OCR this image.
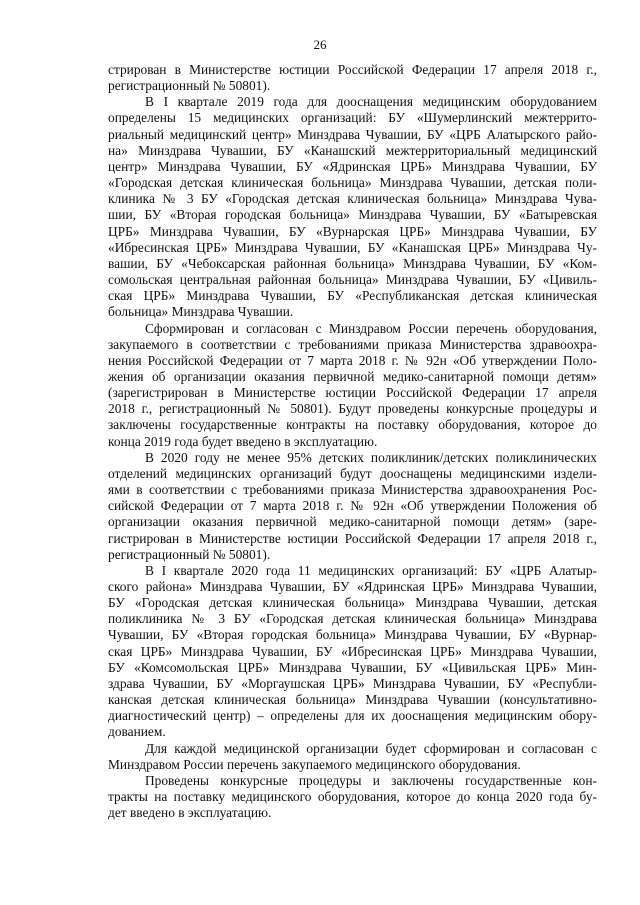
26
стрирован в Министерстве юстиции Российской Федерации 17 апреля 2018 г.,
регистрационный № 50801).
В I квартале 2019 года для дооснащения медицинским оборудованием
определены 15 медицинских организаций: БУ «Шумерлинский межтеррито-
риальный медицинский центр» Минздрава Чувашии, БУ «ЦРБ Алатырского райо-
на» Минздрава Чувашии, БУ «Канашский межтерриториальный медицинский
центр» Минздрава Чувашии, БУ «Ядринская ЦРБ» Минздрава Чувашии, БУ
«Городская детская клиническая больница» Минздрава Чувашии, детская поли-
клиника № 3 БУ «Городская детская клиническая больница» Минздрава Чува-
шии, БУ «Вторая городская больница» Минздрава Чувашии, БУ «Батыревская
ЦРБ» Минздрава Чувашии, БУ «Вурнарская ЦРБ» Минздрава Чувашии, БУ
«Ибресинская ЦРБ» Минздрава Чувашии, БУ «Канашская ЦРБ» Минздрава Чу-
вашии, БУ «Чебоксарская районная больница» Минздрава Чувашии, БУ «Ком-
сомольская центральная районная больница» Минздрава Чувашии, БУ «Цивиль-
ская ЦРБ» Минздрава Чувашии, БУ «Республиканская детская клиническая
больница» Минздрава Чувашии.
Сформирован и согласован с Минздравом России перечень оборудования,
закупаемого в соответствии с требованиями приказа Министерства здравоохра-
нения Российской Федерации от 7 марта 2018 г. № 92н «Об утверждении Поло-
жения об организации оказания первичной медико-санитарной помощи детям»
(зарегистрирован в Министерстве юстиции Российской Федерации 17 апреля
2018 г., регистрационный № 50801). Будут проведены конкурсные процедуры и
заключены государственные контракты на поставку оборудования, которое до
конца 2019 года будет введено в эксплуатацию.
В 2020 году не менее 95% детских поликлиник/детских поликлинических
отделений медицинских организаций будут дооснащены медицинскими издели-
ями в соответствии с требованиями приказа Министерства здравоохранения Рос-
сийской Федерации от 7 марта 2018 г. № 92н «Об утверждении Положения об
организации оказания первичной медико-санитарной помощи детям» (заре-
гистрирован в Министерстве юстиции Российской Федерации 17 апреля 2018 г.,
регистрационный № 50801).
В I квартале 2020 года 11 медицинских организаций: БУ «ЦРБ Алатыр-
ского района» Минздрава Чувашии, БУ «Ядринская ЦРБ» Минздрава Чувашии,
БУ «Городская детская клиническая больница» Минздрава Чувашии, детская
поликлиника № 3 БУ «Городская детская клиническая больница» Минздрава
Чувашии, БУ «Вторая городская больница» Минздрава Чувашии, БУ «Вурнар-
ская ЦРБ» Минздрава Чувашии, БУ «Ибресинская ЦРБ» Минздрава Чувашии,
БУ «Комсомольская ЦРБ» Минздрава Чувашии, БУ «Цивильская ЦРБ» Мин-
здрава Чувашии, БУ «Моргаушская ЦРБ» Минздрава Чувашии, БУ «Республи-
канская детская клиническая больница» Минздрава Чувашии (консультативно-
диагностический центр) – определены для их дооснащения медицинским обору-
дованием.
Для каждой медицинской организации будет сформирован и согласован с
Минздравом России перечень закупаемого медицинского оборудования.
Проведены конкурсные процедуры и заключены государственные кон-
тракты на поставку медицинского оборудования, которое до конца 2020 года бу-
дет введено в эксплуатацию.
